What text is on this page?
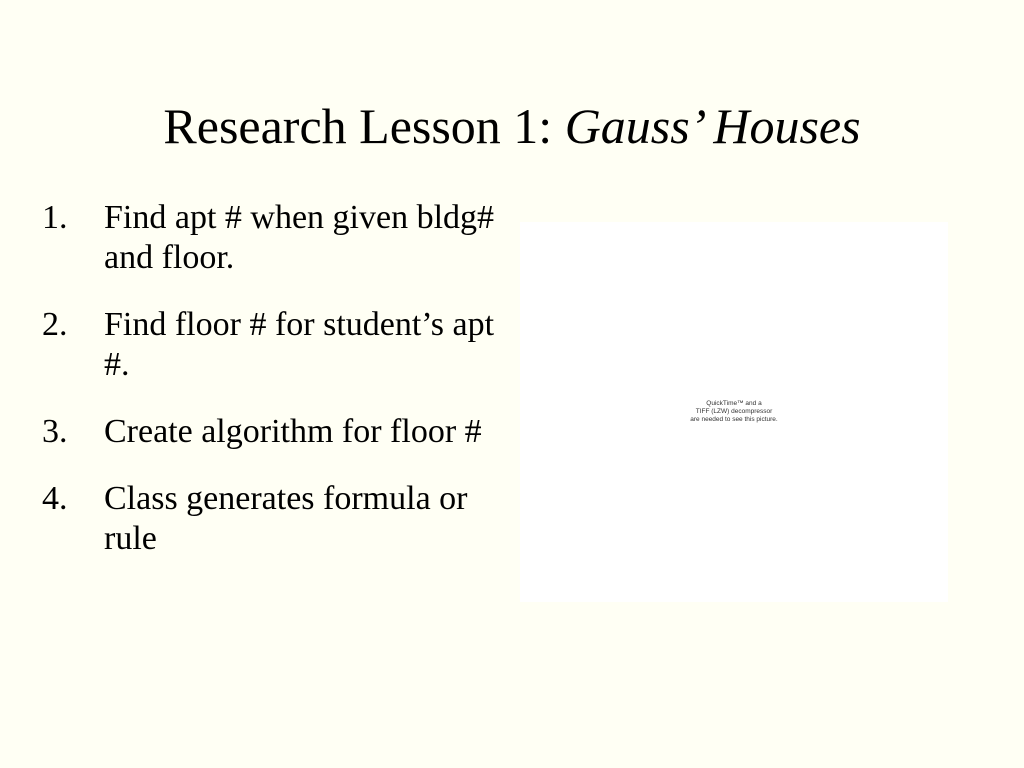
Research Lesson 1: Gauss’ Houses
1. Find apt # when given bldg# and floor.
2. Find floor # for student’s apt #.
3. Create algorithm for floor #
4. Class generates formula or rule
QuickTime™ and a
TIFF (LZW) decompressor
are needed to see this picture.
